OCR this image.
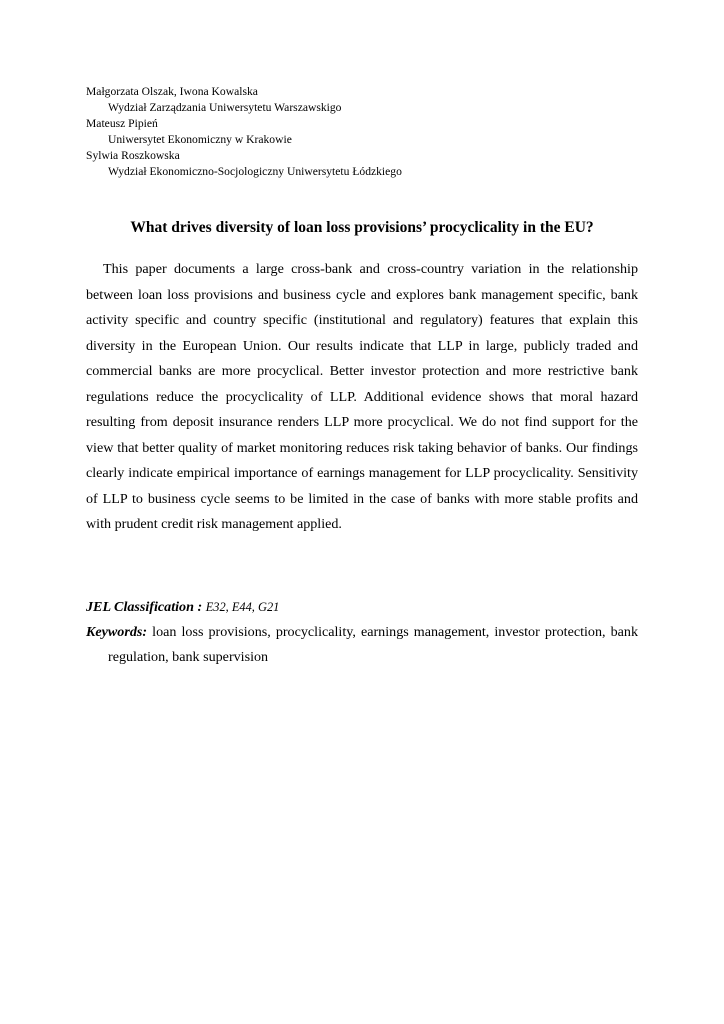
Małgorzata Olszak, Iwona Kowalska
Wydział Zarządzania Uniwersytetu Warszawskigo
Mateusz Pipień
Uniwersytet Ekonomiczny w Krakowie
Sylwia Roszkowska
Wydział Ekonomiczno-Socjologiczny Uniwersytetu Łódzkiego
What drives diversity of loan loss provisions’ procyclicality in the EU?

This paper documents a large cross-bank and cross-country variation in the relationship between loan loss provisions and business cycle and explores bank management specific, bank activity specific and country specific (institutional and regulatory) features that explain this diversity in the European Union. Our results indicate that LLP in large, publicly traded and commercial banks are more procyclical. Better investor protection and more restrictive bank regulations reduce the procyclicality of LLP. Additional evidence shows that moral hazard resulting from deposit insurance renders LLP more procyclical. We do not find support for the view that better quality of market monitoring reduces risk taking behavior of banks. Our findings clearly indicate empirical importance of earnings management for LLP procyclicality. Sensitivity of LLP to business cycle seems to be limited in the case of banks with more stable profits and with prudent credit risk management applied.

JEL Classification : E32, E44, G21

Keywords: loan loss provisions, procyclicality, earnings management, investor protection, bank regulation, bank supervision
